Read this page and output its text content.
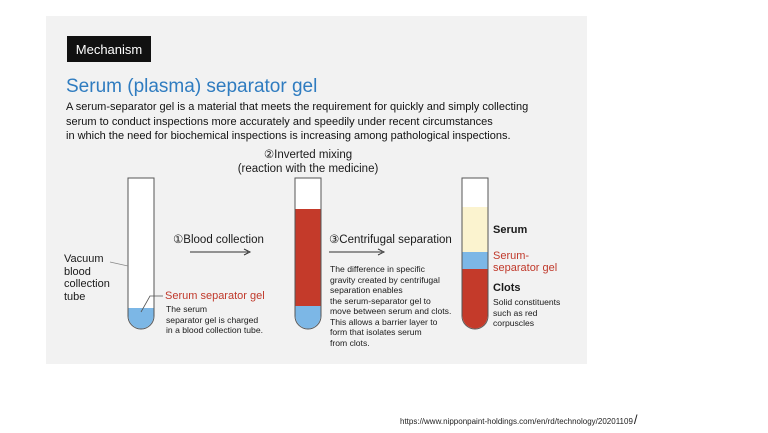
Mechanism
Serum (plasma) separator gel
A serum-separator gel is a material that meets the requirement for quickly and simply collecting
serum to conduct inspections more accurately and speedily under recent circumstances
in which the need for biochemical inspections is increasing among pathological inspections.
Vacuum
blood
collection
tube
①Blood collection
Serum separator gel
The serum
separator gel is charged
in a blood collection tube.
②Inverted mixing
(reaction with the medicine)
③Centrifugal separation
The difference in specific
gravity created by centrifugal
separation enables
the serum-separator gel to
move between serum and clots.
This allows a barrier layer to
form that isolates serum
from clots.
Serum
Serum-
separator gel
Clots
Solid constituents
such as red
corpuscles
https://www.nipponpaint-holdings.com/en/rd/technology/20201109/
